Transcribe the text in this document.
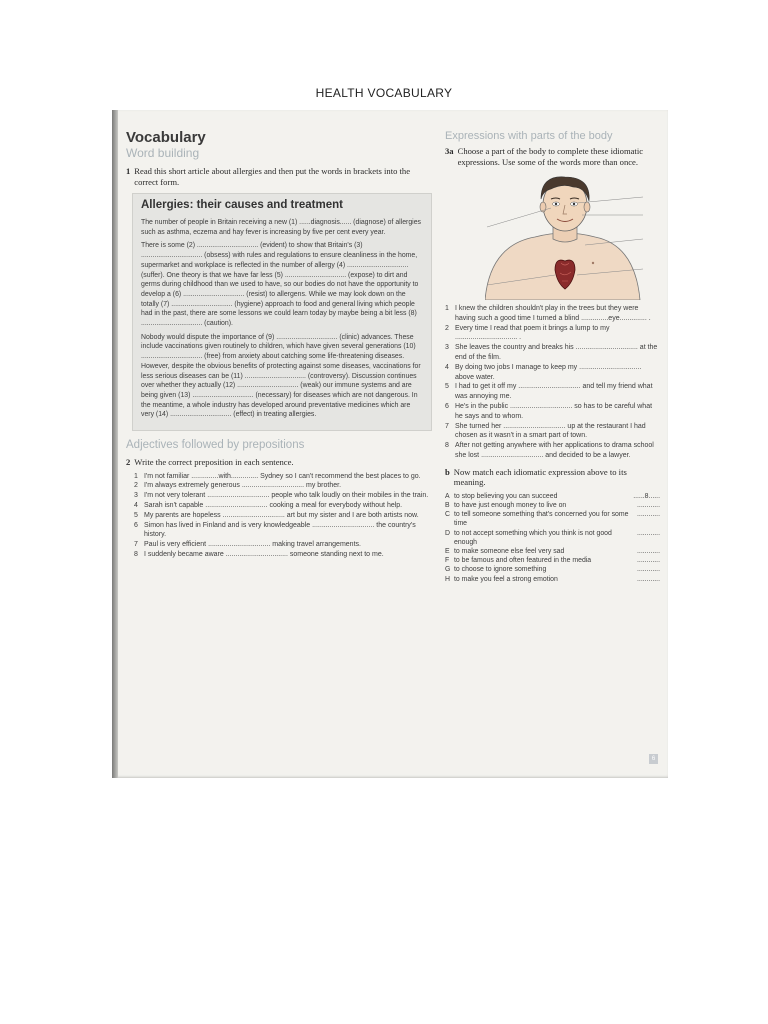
HEALTH VOCABULARY
Vocabulary
Word building
1 Read this short article about allergies and then put the words in brackets into the correct form.
Allergies: their causes and treatment

The number of people in Britain receiving a new (1) ......diagnosis...... (diagnose) of allergies such as asthma, eczema and hay fever is increasing by five per cent every year.

There is some (2) ................................ (evident) to show that Britain's (3) ................................ (obsess) with rules and regulations to ensure cleanliness in the home, supermarket and workplace is reflected in the number of allergy (4) ................................ (suffer). One theory is that we have far less (5) ................................ (expose) to dirt and germs during childhood than we used to have, so our bodies do not have the opportunity to develop a (6) ................................ (resist) to allergens. While we may look down on the totally (7) ................................ (hygiene) approach to food and general living which people had in the past, there are some lessons we could learn today by maybe being a bit less (8) ................................ (caution).

Nobody would dispute the importance of (9) ................................ (clinic) advances. These include vaccinations given routinely to children, which have given several generations (10) ................................ (free) from anxiety about catching some life-threatening diseases. However, despite the obvious benefits of protecting against some diseases, vaccinations for less serious diseases can be (11) ................................ (controversy). Discussion continues over whether they actually (12) ................................ (weak) our immune systems and are being given (13) ................................ (necessary) for diseases which are not dangerous. In the meantime, a whole industry has developed around preventative medicines which are very (14) ................................ (effect) in treating allergies.

Adjectives followed by prepositions
2 Write the correct preposition in each sentence.
1 I'm not familiar ..............with.............. Sydney so I can't recommend the best places to go.
2 I'm always extremely generous ................................ my brother.
3 I'm not very tolerant ................................ people who talk loudly on their mobiles in the train.
4 Sarah isn't capable ................................ cooking a meal for everybody without help.
5 My parents are hopeless ................................ art but my sister and I are both artists now.
6 Simon has lived in Finland and is very knowledgeable ................................ the country's history.
7 Paul is very efficient ................................ making travel arrangements.
8 I suddenly became aware ................................ someone standing next to me.
Expressions with parts of the body
3a Choose a part of the body to complete these idiomatic expressions. Use some of the words more than once.
1 I knew the children shouldn't play in the trees but they were having such a good time I turned a blind ..............eye.............. .
2 Every time I read that poem it brings a lump to my ................................ .
3 She leaves the country and breaks his ................................ at the end of the film.
4 By doing two jobs I manage to keep my ................................ above water.
5 I had to get it off my ................................ and tell my friend what was annoying me.
6 He's in the public ................................ so has to be careful what he says and to whom.
7 She turned her ................................ up at the restaurant I had chosen as it wasn't in a smart part of town.
8 After not getting anywhere with her applications to drama school she lost ................................ and decided to be a lawyer.
b Now match each idiomatic expression above to its meaning.
A to stop believing you can succeed	......8......
B to have just enough money to live on	............
C to tell someone something that's concerned you for some time
............
D to not accept something which you think is not good enough
............
E to make someone else feel very sad	............
F to be famous and often featured in the media	............
G to choose to ignore something	............
H to make you feel a strong emotion	............
6
